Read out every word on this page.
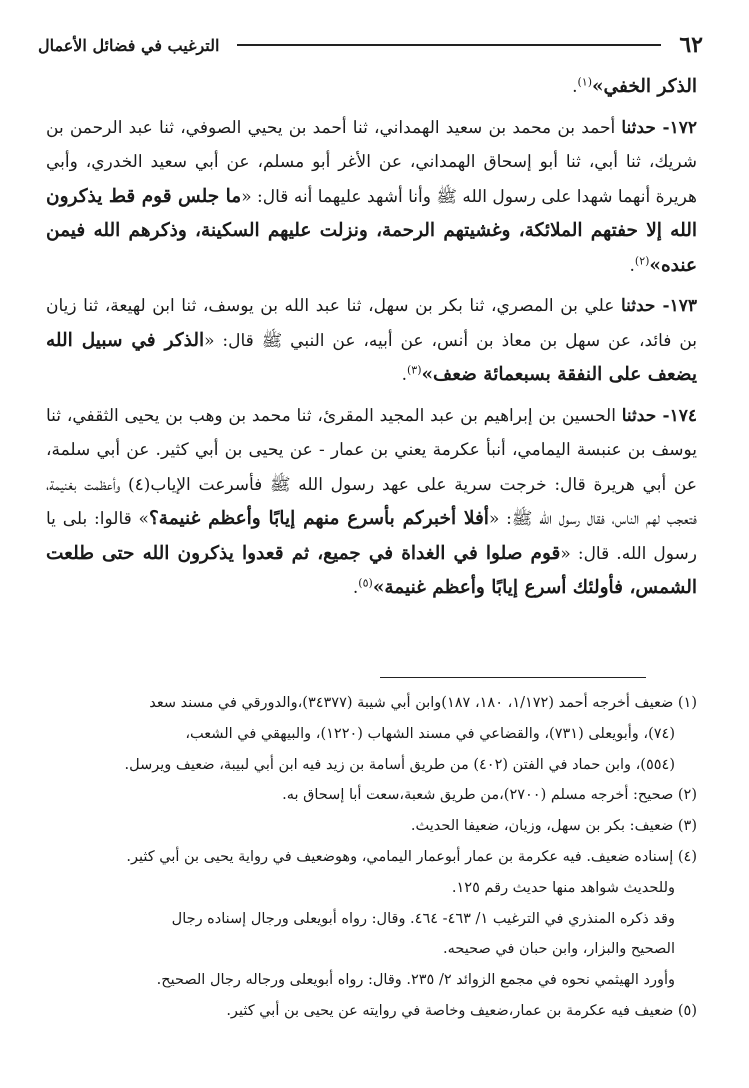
٦٢
الترغيب في فضائل الأعمال

الذكر الخفي»$^{(١)}$.

١٧٢- حدثنا أحمد بن محمد بن سعيد الهمداني، ثنا أحمد بن يحيي الصوفي، ثنا عبد الرحمن بن شريك، ثنا أبي، ثنا أبو إسحاق الهمداني، عن الأغر أبو مسلم، عن أبي سعيد الخدري، وأبي هريرة أنهما شهدا على رسول الله ﷺ وأنا أشهد عليهما أنه قال: «ما جلس قوم قط يذكرون الله إلا حفتهم الملائكة، وغشيتهم الرحمة، ونزلت عليهم السكينة، وذكرهم الله فيمن عنده»$^{(٢)}$.

١٧٣- حدثنا علي بن المصري، ثنا بكر بن سهل، ثنا عبد الله بن يوسف، ثنا ابن لهيعة، ثنا زيان بن فائد، عن سهل بن معاذ بن أنس، عن أبيه، عن النبي ﷺ قال: «الذكر في سبيل الله يضعف على النفقة بسبعمائة ضعف»$^{(٣)}$.

١٧٤- حدثنا الحسين بن إبراهيم بن عبد المجيد المقرئ، ثنا محمد بن وهب بن يحيى الثقفي، ثنا يوسف بن عنبسة اليمامي، أنبأ عكرمة يعني بن عمار - عن يحيى بن أبي كثير. عن أبي سلمة، عن أبي هريرة قال: خرجت سرية على عهد رسول الله ﷺ فأسرعت الإياب(٤) وأعظمت بغنيمة، فتعجب لهم الناس، فقال رسول الله ﷺ: «أفلا أخبركم بأسرع منهم إيابًا وأعظم غنيمة؟» قالوا: بلى يا رسول الله. قال: «قوم صلوا في الغداة في جميع، ثم قعدوا يذكرون الله حتى طلعت الشمس، فأولئك أسرع إيابًا وأعظم غنيمة»$^{(٥)}$.

(١) ضعيف أخرجه أحمد (١/١٧٢، ١٨٠، ١٨٧)وابن أبي شيبة (٣٤٣٧٧)،والدورقي في مسند سعد

(٧٤)، وأبويعلى (٧٣١)، والقضاعي في مسند الشهاب (١٢٢٠)، والبيهقي في الشعب،

(٥٥٤)، وابن حماد في الفتن (٤٠٢) من طريق أسامة بن زيد فيه ابن أبي لبيبة، ضعيف ويرسل.

(٢) صحيح: أخرجه مسلم (٢٧٠٠)،من طريق شعبة،سعت أبا إسحاق به.

(٣) ضعيف: بكر بن سهل، وزيان، ضعيفا الحديث.

(٤) إسناده ضعيف. فيه عكرمة بن عمار أبوعمار اليمامي، وهوضعيف في رواية يحيى بن أبي كثير.

وللحديث شواهد منها حديث رقم ١٢٥.

وقد ذكره المنذري في الترغيب ١/ ٤٦٣- ٤٦٤. وقال: رواه أبويعلى ورجال إسناده رجال

الصحيح والبزار، وابن حبان في صحيحه.

وأورد الهيثمي نحوه في مجمع الزوائد ٢/ ٢٣٥. وقال: رواه أبويعلى ورجاله رجال الصحيح.

(٥) ضعيف فيه عكرمة بن عمار،ضعيف وخاصة في روايته عن يحيى بن أبي كثير.
